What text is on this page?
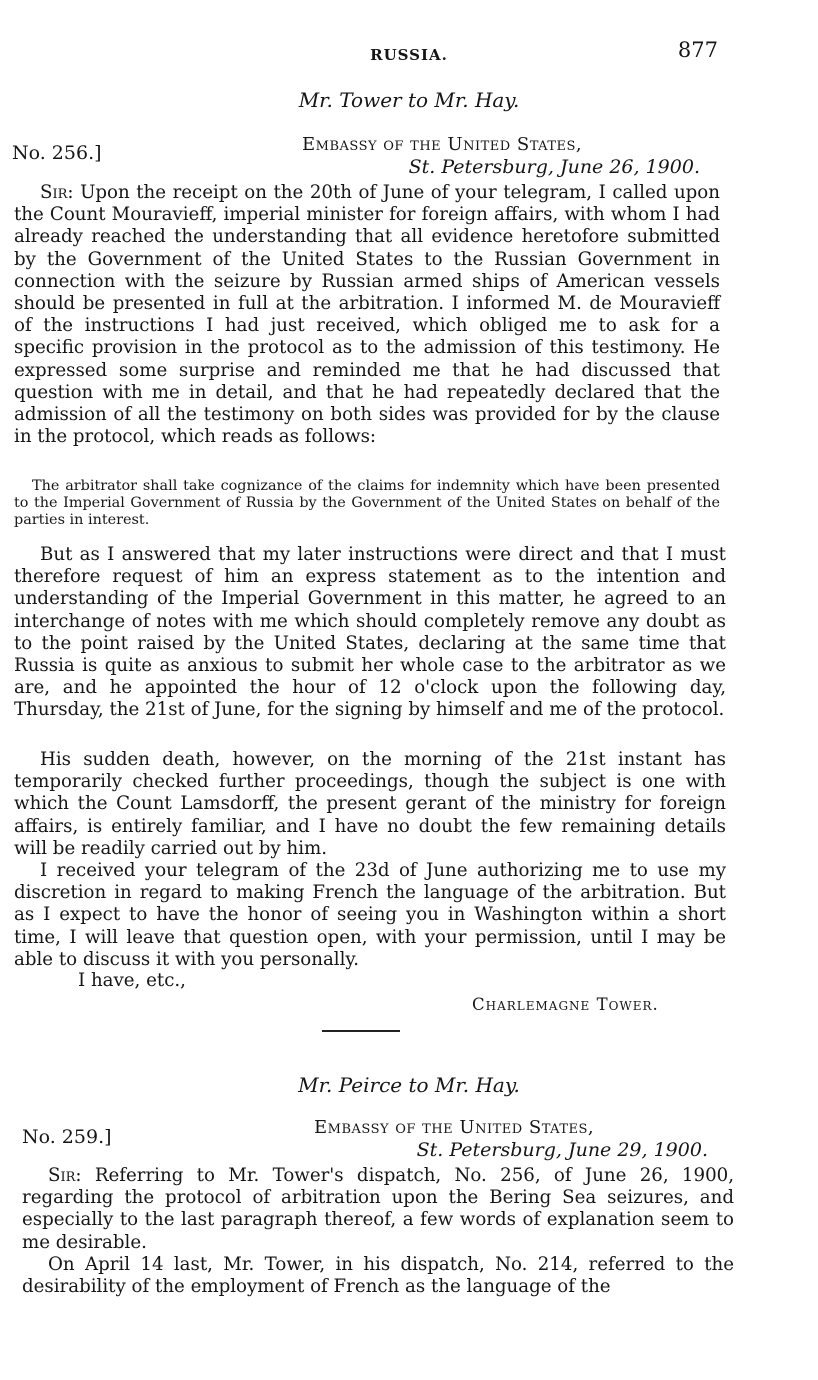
RUSSIA.	877
Mr. Tower to Mr. Hay.
No. 256.]	Embassy of the United States,
St. Petersburg, June 26, 1900.

Sir: Upon the receipt on the 20th of June of your telegram, I called upon the Count Mouravieff, imperial minister for foreign affairs, with whom I had already reached the understanding that all evidence heretofore submitted by the Government of the United States to the Russian Government in connection with the seizure by Russian armed ships of American vessels should be presented in full at the arbitration. I informed M. de Mouravieff of the instructions I had just received, which obliged me to ask for a specific provision in the protocol as to the admission of this testimony. He expressed some surprise and reminded me that he had discussed that question with me in detail, and that he had repeatedly declared that the admission of all the testimony on both sides was provided for by the clause in the protocol, which reads as follows:

The arbitrator shall take cognizance of the claims for indemnity which have been presented to the Imperial Government of Russia by the Government of the United States on behalf of the parties in interest.

But as I answered that my later instructions were direct and that I must therefore request of him an express statement as to the intention and understanding of the Imperial Government in this matter, he agreed to an interchange of notes with me which should completely remove any doubt as to the point raised by the United States, declaring at the same time that Russia is quite as anxious to submit her whole case to the arbitrator as we are, and he appointed the hour of 12 o'clock upon the following day, Thursday, the 21st of June, for the signing by himself and me of the protocol.

His sudden death, however, on the morning of the 21st instant has temporarily checked further proceedings, though the subject is one with which the Count Lamsdorff, the present gerant of the ministry for foreign affairs, is entirely familiar, and I have no doubt the few remaining details will be readily carried out by him.

I received your telegram of the 23d of June authorizing me to use my discretion in regard to making French the language of the arbitration. But as I expect to have the honor of seeing you in Washington within a short time, I will leave that question open, with your permission, until I may be able to discuss it with you personally.

I have, etc.,
Charlemagne Tower.
Mr. Peirce to Mr. Hay.
No. 259.]	Embassy of the United States,
St. Petersburg, June 29, 1900.

Sir: Referring to Mr. Tower's dispatch, No. 256, of June 26, 1900, regarding the protocol of arbitration upon the Bering Sea seizures, and especially to the last paragraph thereof, a few words of explanation seem to me desirable.

On April 14 last, Mr. Tower, in his dispatch, No. 214, referred to the desirability of the employment of French as the language of the
